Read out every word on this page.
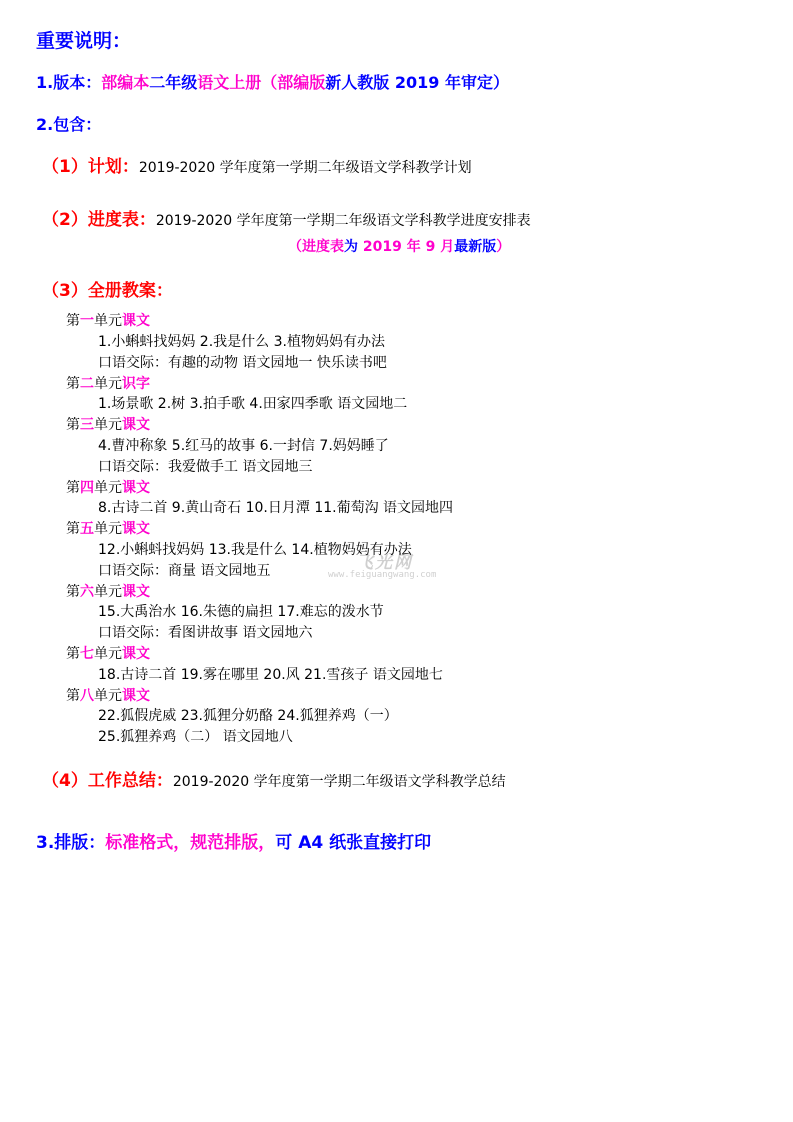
重要说明：
1.版本：部编本二年级语文上册（部编版新人教版 2019 年审定）
2.包含：
（1）计划：2019-2020 学年度第一学期二年级语文学科教学计划
（2）进度表：2019-2020 学年度第一学期二年级语文学科教学进度安排表
（进度表为 2019 年 9 月最新版）
（3）全册教案：
第一单元课文
1.小蝌蚪找妈妈 2.我是什么 3.植物妈妈有办法
口语交际：有趣的动物 语文园地一 快乐读书吧
第二单元识字
1.场景歌 2.树 3.拍手歌 4.田家四季歌 语文园地二
第三单元课文
4.曹冲称象 5.红马的故事 6.一封信 7.妈妈睡了
口语交际：我爱做手工 语文园地三
第四单元课文
8.古诗二首 9.黄山奇石 10.日月潭 11.葡萄沟 语文园地四
第五单元课文
12.小蝌蚪找妈妈 13.我是什么 14.植物妈妈有办法
口语交际：商量 语文园地五
第六单元课文
15.大禹治水 16.朱德的扁担 17.难忘的泼水节
口语交际：看图讲故事 语文园地六
第七单元课文
18.古诗二首 19.雾在哪里 20.风 21.雪孩子 语文园地七
第八单元课文
22.狐假虎威 23.狐狸分奶酪 24.狐狸养鸡（一）
25.狐狸养鸡（二） 语文园地八
（4）工作总结：2019-2020 学年度第一学期二年级语文学科教学总结
3.排版：标准格式，规范排版，可 A4 纸张直接打印
飞光网
www.feiguangwang.com
